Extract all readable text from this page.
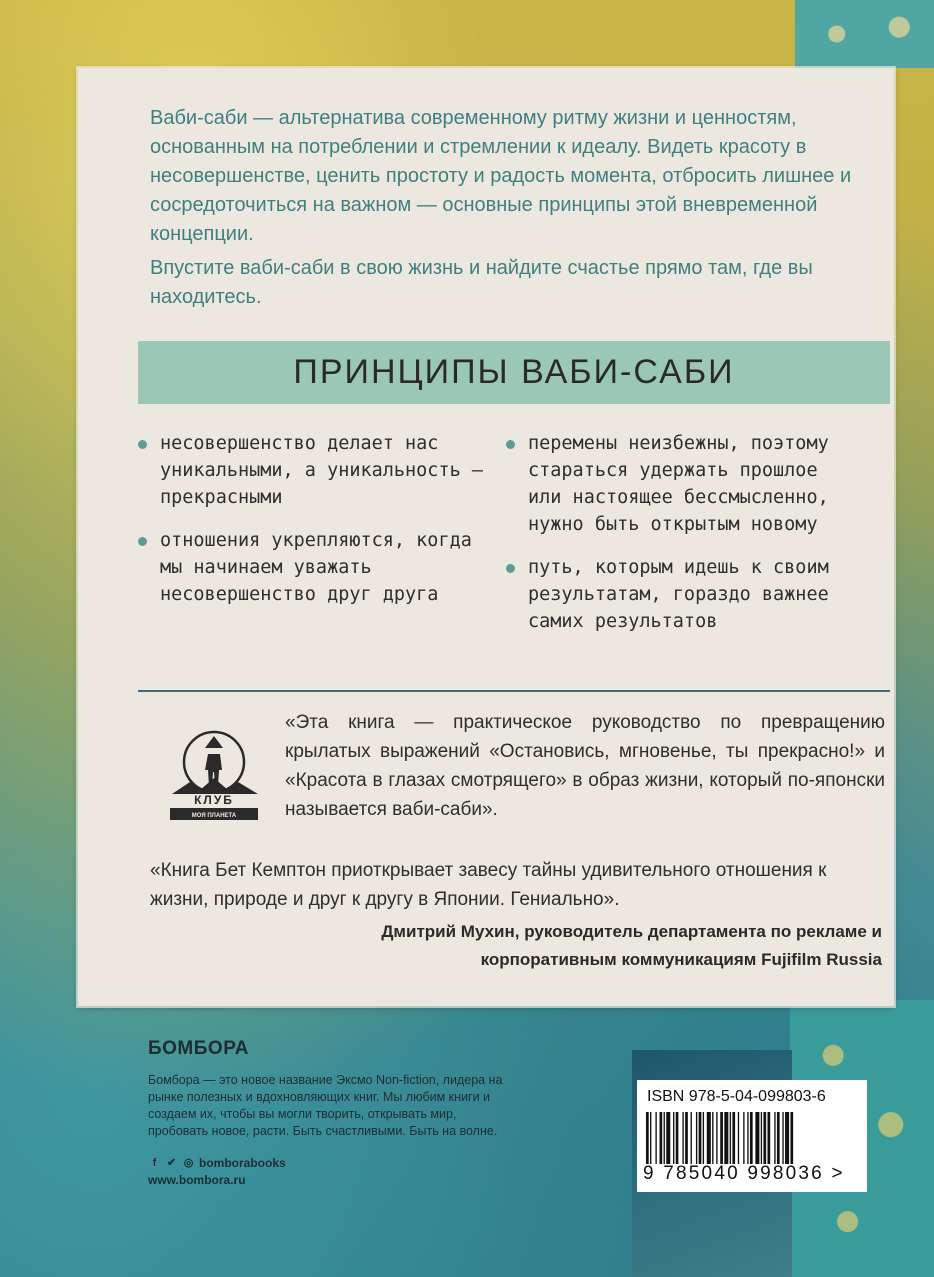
Ваби-саби — альтернатива современному ритму жизни и ценностям, основанным на потреблении и стремлении к идеалу. Видеть красоту в несовершенстве, ценить простоту и радость момента, отбросить лишнее и сосредоточиться на важном — основные принципы этой вневременной концепции.

Впустите ваби-саби в свою жизнь и найдите счастье прямо там, где вы находитесь.

ПРИНЦИПЫ ВАБИ-САБИ
несовершенство делает нас уникальными, а уникальность — прекрасными
отношения укрепляются, когда мы начинаем уважать несовершенство друг друга
перемены неизбежны, поэтому стараться удержать прошлое или настоящее бессмысленно, нужно быть открытым новому
путь, которым идешь к своим результатам, гораздо важнее самих результатов
КЛУБ
МОЯ ПЛАНЕТА

«Эта книга — практическое руководство по превращению крылатых выражений «Остановись, мгновенье, ты прекрасно!» и «Красота в глазах смотрящего» в образ жизни, который по-японски называется ваби-саби».

«Книга Бет Кемптон приоткрывает завесу тайны удивительного отношения к жизни, природе и друг к другу в Японии. Гениально».

Дмитрий Мухин, руководитель департамента по рекламе и корпоративным коммуникациям Fujifilm Russia

БОМБОРА
Бомбора — это новое название Эксмо Non-fiction, лидера на рынке полезных и вдохновляющих книг. Мы любим книги и создаем их, чтобы вы могли творить, открывать мир, пробовать новое, расти. Быть счастливыми. Быть на волне.
f ✔ ◎ bomborabooks
www.bombora.ru
ISBN 978-5-04-099803-6
9 785040 998036 >
